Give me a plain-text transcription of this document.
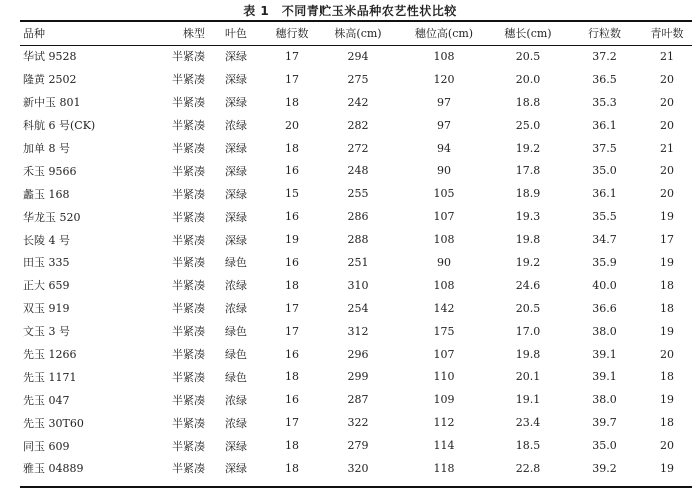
表 1　不同青贮玉米品种农艺性状比较
品种	株型	叶色	穗行数	株高(cm)	穗位高(cm)	穗长(cm)	行粒数	青叶数
华试 9528	半紧凑	深绿	17	294	108	20.5	37.2	21
隆黄 2502	半紧凑	深绿	17	275	120	20.0	36.5	20
新中玉 801	半紧凑	深绿	18	242	97	18.8	35.3	20
科航 6 号(CK)	半紧凑	浓绿	20	282	97	25.0	36.1	20
加单 8 号	半紧凑	深绿	18	272	94	19.2	37.5	21
禾玉 9566	半紧凑	深绿	16	248	90	17.8	35.0	20
蠡玉 168	半紧凑	深绿	15	255	105	18.9	36.1	20
华龙玉 520	半紧凑	深绿	16	286	107	19.3	35.5	19
长陵 4 号	半紧凑	深绿	19	288	108	19.8	34.7	17
田玉 335	半紧凑	绿色	16	251	90	19.2	35.9	19
正大 659	半紧凑	浓绿	18	310	108	24.6	40.0	18
双玉 919	半紧凑	浓绿	17	254	142	20.5	36.6	18
文玉 3 号	半紧凑	绿色	17	312	175	17.0	38.0	19
先玉 1266	半紧凑	绿色	16	296	107	19.8	39.1	20
先玉 1171	半紧凑	绿色	18	299	110	20.1	39.1	18
先玉 047	半紧凑	浓绿	16	287	109	19.1	38.0	19
先玉 30T60	半紧凑	浓绿	17	322	112	23.4	39.7	18
同玉 609	半紧凑	深绿	18	279	114	18.5	35.0	20
雅玉 04889	半紧凑	深绿	18	320	118	22.8	39.2	19
